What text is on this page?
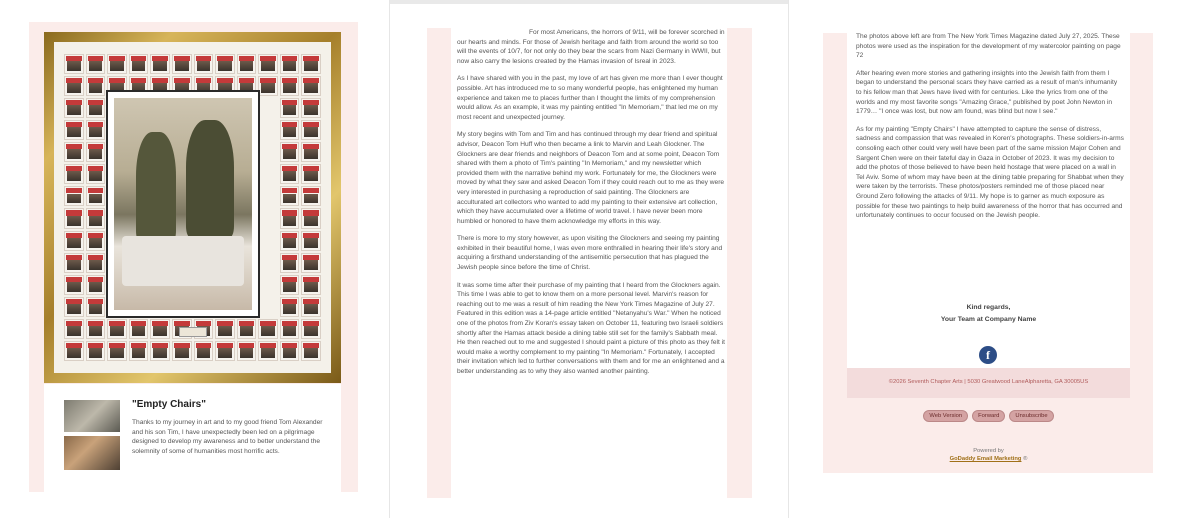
"Empty Chairs"
Thanks to my journey in art and to my good friend Tom Alexander and his son Tim, I have unexpectedly been led on a pilgrimage designed to develop my awareness and to better understand the solemnity of some of humanities most horrific acts.

For most Americans, the horrors of 9/11, will be forever scorched in our hearts and minds. For those of Jewish heritage and faith from around the world so too will the events of 10/7, for not only do they bear the scars from Nazi Germany in WWII, but now also carry the lesions created by the Hamas invasion of Isreal in 2023.

As I have shared with you in the past, my love of art has given me more than I ever thought possible. Art has introduced me to so many wonderful people, has enlightened my human experience and taken me to places further than I thought the limits of my comprehension would allow. As an example, it was my painting entitled "In Memoriam," that led me on my most recent and unexpected journey.

My story begins with Tom and Tim and has continued through my dear friend and spiritual advisor, Deacon Tom Huff who then became a link to Marvin and Leah Glockner. The Glockners are dear friends and neighbors of Deacon Tom and at some point, Deacon Tom shared with them a photo of Tim's painting "In Memoriam," and my newsletter which provided them with the narrative behind my work. Fortunately for me, the Glockners were moved by what they saw and asked Deacon Tom if they could reach out to me as they were very interested in purchasing a reproduction of said painting. The Glockners are acculturated art collectors who wanted to add my painting to their extensive art collection, which they have accumulated over a lifetime of world travel. I have never been more humbled or honored to have them acknowledge my efforts in this way.

There is more to my story however, as upon visiting the Glockners and seeing my painting exhibited in their beautiful home, I was even more enthralled in hearing their life's story and acquiring a firsthand understanding of the antisemitic persecution that has plagued the Jewish people since before the time of Christ.

It was some time after their purchase of my painting that I heard from the Glockners again. This time I was able to get to know them on a more personal level. Marvin's reason for reaching out to me was a result of him reading the New York Times Magazine of July 27. Featured in this edition was a 14-page article entitled "Netanyahu's War." When he noticed one of the photos from Ziv Koran's essay taken on October 11, featuring two Israeli soldiers shortly after the Hamas attack beside a dining table still set for the family's Sabbath meal. He then reached out to me and suggested I should paint a picture of this photo as they felt it would make a worthy complement to my painting "In Memoriam." Fortunately, I accepted their invitation which led to further conversations with them and for me an enlightened and a better understanding as to why they also wanted another painting.

The photos above left are from The New York Times Magazine dated July 27, 2025. These photos were used as the inspiration for the development of my watercolor painting on page 72

After hearing even more stories and gathering insights into the Jewish faith from them I began to understand the personal scars they have carried as a result of man's inhumanity to his fellow man that Jews have lived with for centuries. Like the lyrics from one of the worlds and my most favorite songs "Amazing Grace," published by poet John Newton in 1779… "I once was lost, but now am found, was blind but now I see."

As for my painting "Empty Chairs" I have attempted to capture the sense of distress, sadness and compassion that was revealed in Koren's photographs. These soldiers-in-arms consoling each other could very well have been part of the same mission Major Cohen and Sargent Chen were on their fateful day in Gaza in October of 2023. It was my decision to add the photos of those believed to have been held hostage that were placed on a wall in Tel Aviv. Some of whom may have been at the dining table preparing for Shabbat when they were taken by the terrorists. These photos/posters reminded me of those placed near Ground Zero following the attacks of 9/11. My hope is to garner as much exposure as possible for these two paintings to help build awareness of the horror that has occurred and unfortunately continues to occur focused on the Jewish people.

Kind regards,
Your Team at Company Name
f
©2026 Seventh Chapter Arts | 5030 Greatwood LaneAlpharetta, GA 30005US
Web Version	Forward	Unsubscribe
Powered by
GoDaddy Email Marketing ®
